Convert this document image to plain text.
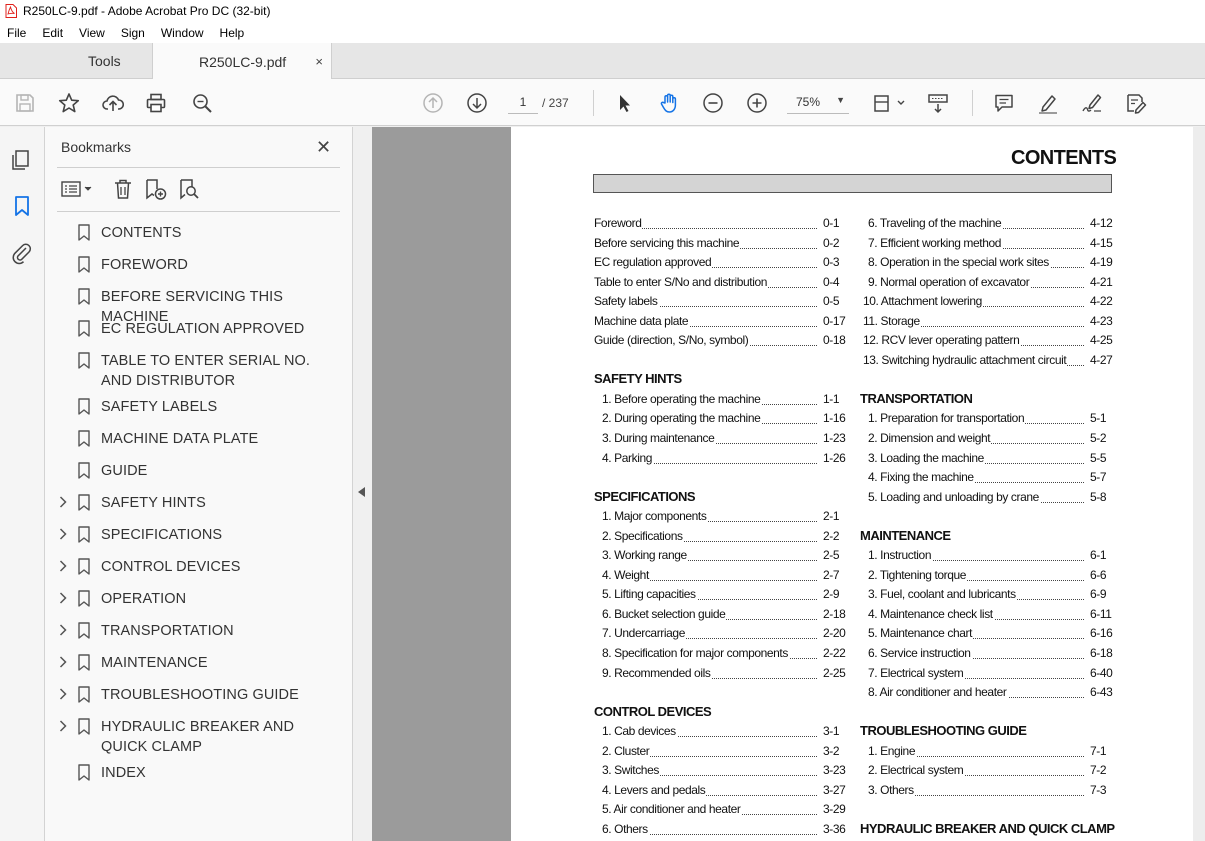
R250LC-9.pdf - Adobe Acrobat Pro DC (32-bit)
File	Edit	View	Sign	Window	Help
Tools	R250LC-9.pdf ×
1
/ 237	75% ▼
Bookmarks	✕
CONTENTS
FOREWORD
BEFORE SERVICING THIS MACHINE
EC REGULATION APPROVED
TABLE TO ENTER SERIAL NO. AND DISTRIBUTOR
SAFETY LABELS
MACHINE DATA PLATE
GUIDE
SAFETY HINTS
SPECIFICATIONS
CONTROL DEVICES
OPERATION
TRANSPORTATION
MAINTENANCE
TROUBLESHOOTING GUIDE
HYDRAULIC BREAKER AND QUICK CLAMP
INDEX
CONTENTS
Foreword	0-1
Before servicing this machine	0-2
EC regulation approved	0-3
Table to enter S/No and distribution	0-4
Safety labels	0-5
Machine data plate	0-17
Guide (direction, S/No, symbol)	0-18
SAFETY HINTS
1. Before operating the machine	1-1
2. During operating the machine	1-16
3. During maintenance	1-23
4. Parking	1-26
SPECIFICATIONS
1. Major components	2-1
2. Specifications	2-2
3. Working range	2-5
4. Weight	2-7
5. Lifting capacities	2-9
6. Bucket selection guide	2-18
7. Undercarriage	2-20
8. Specification for major components	2-22
9. Recommended oils	2-25
CONTROL DEVICES
1. Cab devices	3-1
2. Cluster	3-2
3. Switches	3-23
4. Levers and pedals	3-27
5. Air conditioner and heater	3-29
6. Others	3-36
6. Traveling of the machine	4-12
7. Efficient working method	4-15
8. Operation in the special work sites	4-19
9. Normal operation of excavator	4-21
10. Attachment lowering	4-22
11. Storage	4-23
12. RCV lever operating pattern	4-25
13. Switching hydraulic attachment circuit 4-27
TRANSPORTATION
1. Preparation for transportation	5-1
2. Dimension and weight	5-2
3. Loading the machine	5-5
4. Fixing the machine	5-7
5. Loading and unloading by crane	5-8
MAINTENANCE
1. Instruction	6-1
2. Tightening torque	6-6
3. Fuel, coolant and lubricants	6-9
4. Maintenance check list	6-11
5. Maintenance chart	6-16
6. Service instruction	6-18
7. Electrical system	6-40
8. Air conditioner and heater	6-43
TROUBLESHOOTING GUIDE
1. Engine	7-1
2. Electrical system	7-2
3. Others	7-3
HYDRAULIC BREAKER AND QUICK CLAMP
